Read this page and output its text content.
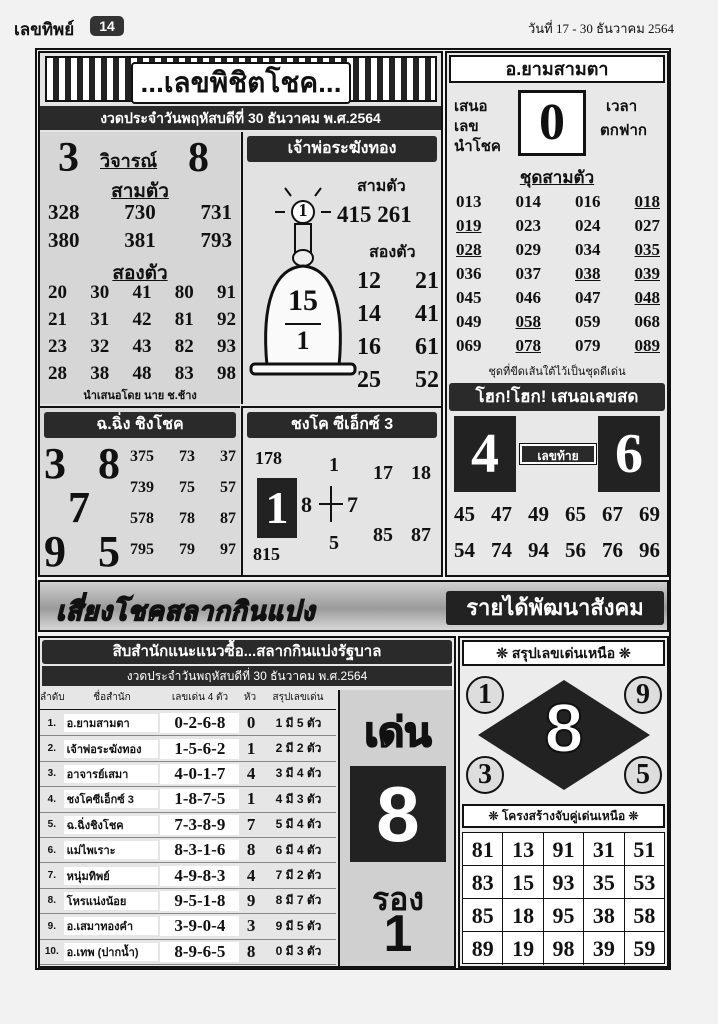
เลขทิพย์	14	วันที่ 17 - 30 ธันวาคม 2564
...เลขพิชิตโชค...
งวดประจำวันพฤหัสบดีที่ 30 ธันวาคม พ.ศ.2564
3 วิจารณ์ 8
สามตัว
328 730 731
380 381 793
สองตัว
20 30 41 80 91
21 31 42 81 92
23 32 43 82 93
28 38 48 83 98
นำเสนอโดย นาย ช.ช้าง
เจ้าพ่อระฆังทอง
สามตัว
415 261
1
15
1
สองตัว
12 21
14 41
16 61
25 52
ฉ.ฉิ่ง ชิงโชค
3 8
7
9 5
375 73 37
739 75 57
578 78 87
795 79 97
ชงโค ซีเอ็กซ์ 3
178 1 17 18
1 8 7
5 85 87
815
อ.ยามสามตา
เสนอ
เลข
นำโชค 0	เวลา
ตกฟาก
ชุดสามตัว
013 014 016 018
019 023 024 027
028 029 034 035
036 037 038 039
045 046 047 048
049 058 059 068
069 078 079 089
ชุดที่ขีดเส้นใต้ไว้เป็นชุดดีเด่น
โฮก!โฮก! เสนอเลขสด
4	เลขท้าย 6
45 47 49 65 67 69
54 74 94 56 76 96
เสี่ยงโชคสลากกินแบ่ง	รายได้พัฒนาสังคม
สิบสำนักแนะแนวซื้อ...สลากกินแบ่งรัฐบาล
งวดประจำวันพฤหัสบดีที่ 30 ธันวาคม พ.ศ.2564
ลำดับ	ชื่อสำนัก	เลขเด่น 4 ตัว	หัว	สรุปเลขเด่น
1. อ.ยามสามตา	0-2-6-8	0	1 มี 5 ตัว
2. เจ้าพ่อระฆังทอง	1-5-6-2	1	2 มี 2 ตัว
3. อาจารย์เสมา	4-0-1-7	4	3 มี 4 ตัว
4. ชงโคซีเอ็กซ์ 3	1-8-7-5	1	4 มี 3 ตัว
5. ฉ.ฉิ่งชิงโชค	7-3-8-9	7	5 มี 4 ตัว
6. แม่ไพเราะ	8-3-1-6	8	6 มี 4 ตัว
7. หนุ่มทิพย์	4-9-8-3	4	7 มี 2 ตัว
8. โหรแน่งน้อย	9-5-1-8	9	8 มี 7 ตัว
9. อ.เสมาทองคำ	3-9-0-4	3	9 มี 5 ตัว
10. อ.เทพ (ปากน้ำ)	8-9-6-5	8	0 มี 3 ตัว
เด่น
8
รอง
1
❊ สรุปเลขเด่นเหนือ ❊
8
1	9
3	5
❊ โครงสร้างจับคู่เด่นเหนือ ❊
81 13 91 31 51
83 15 93 35 53
85 18 95 38 58
89 19 98 39 59
